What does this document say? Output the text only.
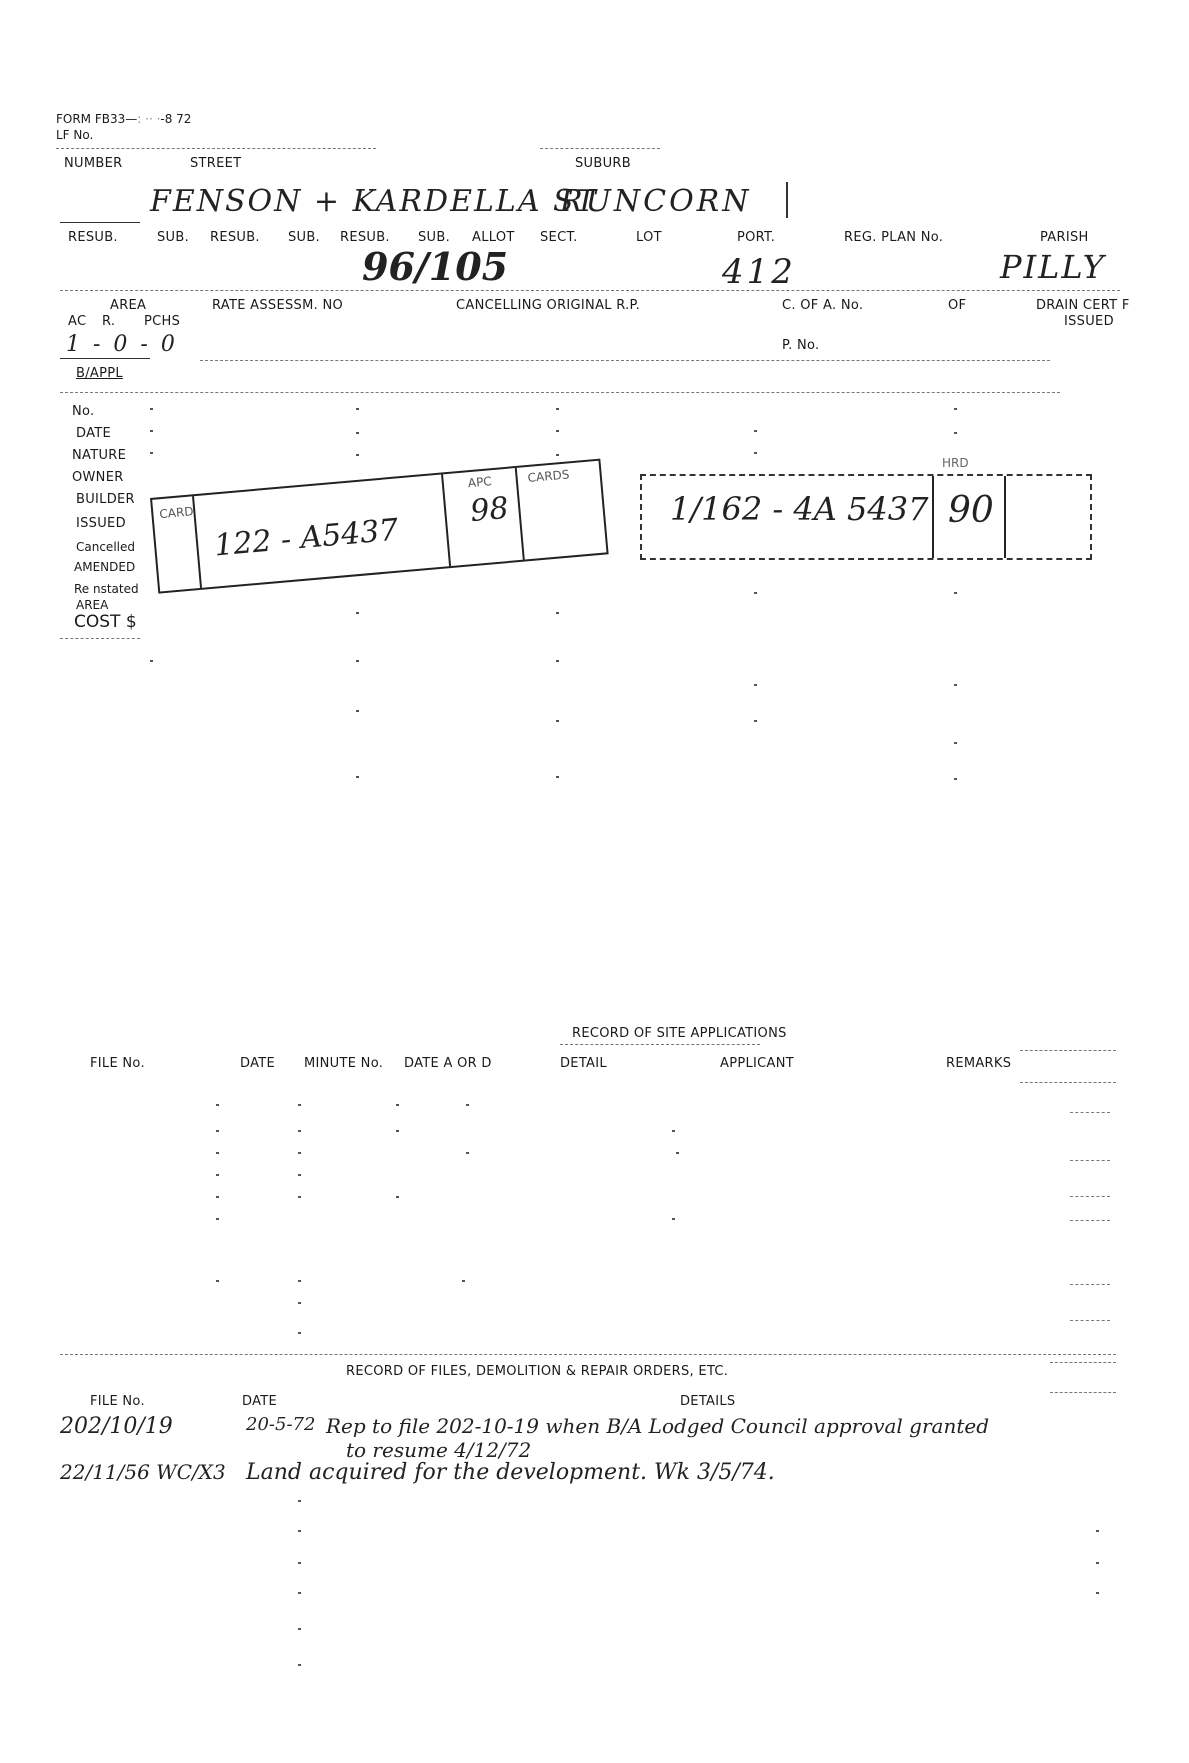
FORM FB33—: ·· ·-8 72
LF No.
NUMBER	STREET	SUBURB
FENSON + KARDELLA ST
RUNCORN
RESUB.	SUB. RESUB. SUB. RESUB. SUB. ALLOT SECT.	LOT	PORT.	REG. PLAN No.	PARISH
96/105	412	PILLY
AREA
AC R. PCHS
1 - 0 - 0
RATE ASSESSM. NO	CANCELLING ORIGINAL R.P.	C. OF A. No.	OF	DRAIN CERT F
ISSUED
P. No.
B/APPL
No.
DATE
NATURE
OWNER
BUILDER
ISSUED
Cancelled
AMENDED
Re nstated
AREA
COST $
CARD 122 - A5437
APC
98
CARDS
1/162 - 4A 5437
HRD
90
RECORD OF SITE APPLICATIONS
FILE No.	DATE MINUTE No. DATE A OR D	DETAIL	APPLICANT	REMARKS
RECORD OF FILES, DEMOLITION & REPAIR ORDERS, ETC.
FILE No.	DATE	DETAILS
202/10/19	20-5-72 Rep to file 202-10-19 when B/A Lodged Council approval granted
to resume 4/12/72
22/11/56 WC/X3 Land acquired for the development. Wk 3/5/74.
